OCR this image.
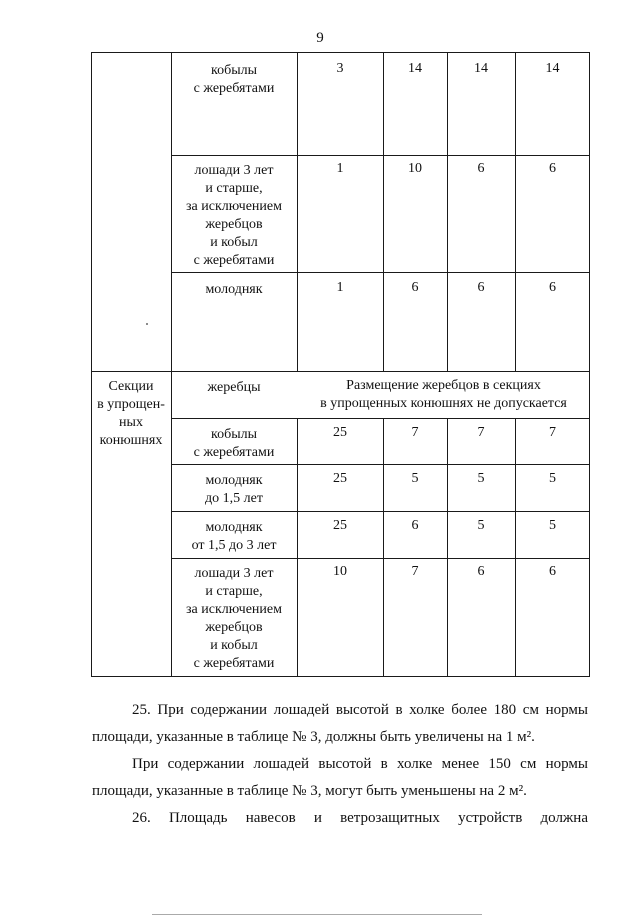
9
кобылы
с жеребятами
3	14	14	14
лошади 3 лет
и старше,
за исключением
жеребцов
и кобыл
с жеребятами
1	10	6	6
молодняк	1	6	6	6
Секции
в упрощен-
ных
конюшнях
жеребцы	Размещение жеребцов в секциях
в упрощенных конюшнях не допускается
кобылы
с жеребятами
25	7	7	7
молодняк
до 1,5 лет
25	5	5	5
молодняк
от 1,5 до 3 лет
25	6	5	5
лошади 3 лет
и старше,
за исключением
жеребцов
и кобыл
с жеребятами
10	7	6	6
25. При содержании лошадей высотой в холке более 180 см нормы
площади, указанные в таблице № 3, должны быть увеличены на 1 м².
При содержании лошадей высотой в холке менее 150 см нормы
площади, указанные в таблице № 3, могут быть уменьшены на 2 м².
26. Площадь навесов и ветрозащитных устройств должна
